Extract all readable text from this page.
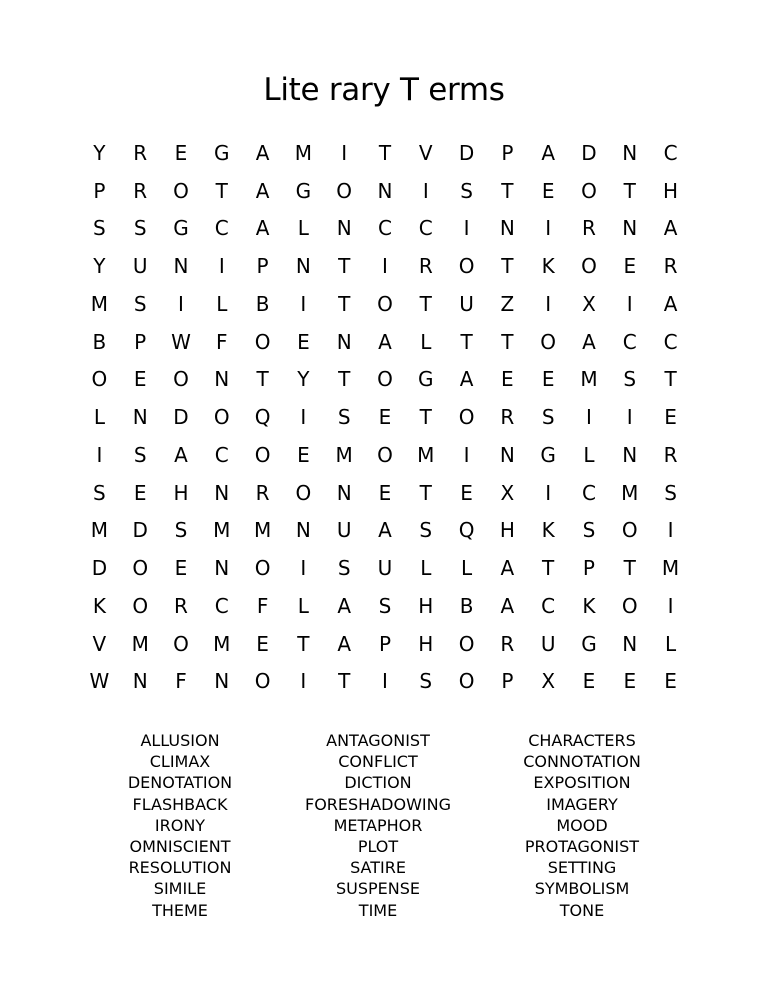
Lite rary T erms
Y	R	E	G	A	M	I	T	V	D	P	A	D	N	C
P	R	O	T	A	G	O	N	I	S	T	E	O	T	H
S	S	G	C	A	L	N	C	C	I	N	I	R	N	A
Y	U	N	I	P	N	T	I	R	O	T	K	O	E	R
M	S	I	L	B	I	T	O	T	U	Z	I	X	I	A
B	P	W	F	O	E	N	A	L	T	T	O	A	C	C
O	E	O	N	T	Y	T	O	G	A	E	E	M	S	T
L	N	D	O	Q	I	S	E	T	O	R	S	I	I	E
I	S	A	C	O	E	M	O	M	I	N	G	L	N	R
S	E	H	N	R	O	N	E	T	E	X	I	C	M	S
M	D	S	M	M	N	U	A	S	Q	H	K	S	O	I
D	O	E	N	O	I	S	U	L	L	A	T	P	T	M
K	O	R	C	F	L	A	S	H	B	A	C	K	O	I
V	M	O	M	E	T	A	P	H	O	R	U	G	N	L
W	N	F	N	O	I	T	I	S	O	P	X	E	E	E
ALLUSION
CLIMAX
DENOTATION
FLASHBACK
IRONY
OMNISCIENT
RESOLUTION
SIMILE
THEME
ANTAGONIST
CONFLICT
DICTION
FORESHADOWING
METAPHOR
PLOT
SATIRE
SUSPENSE
TIME
CHARACTERS
CONNOTATION
EXPOSITION
IMAGERY
MOOD
PROTAGONIST
SETTING
SYMBOLISM
TONE
